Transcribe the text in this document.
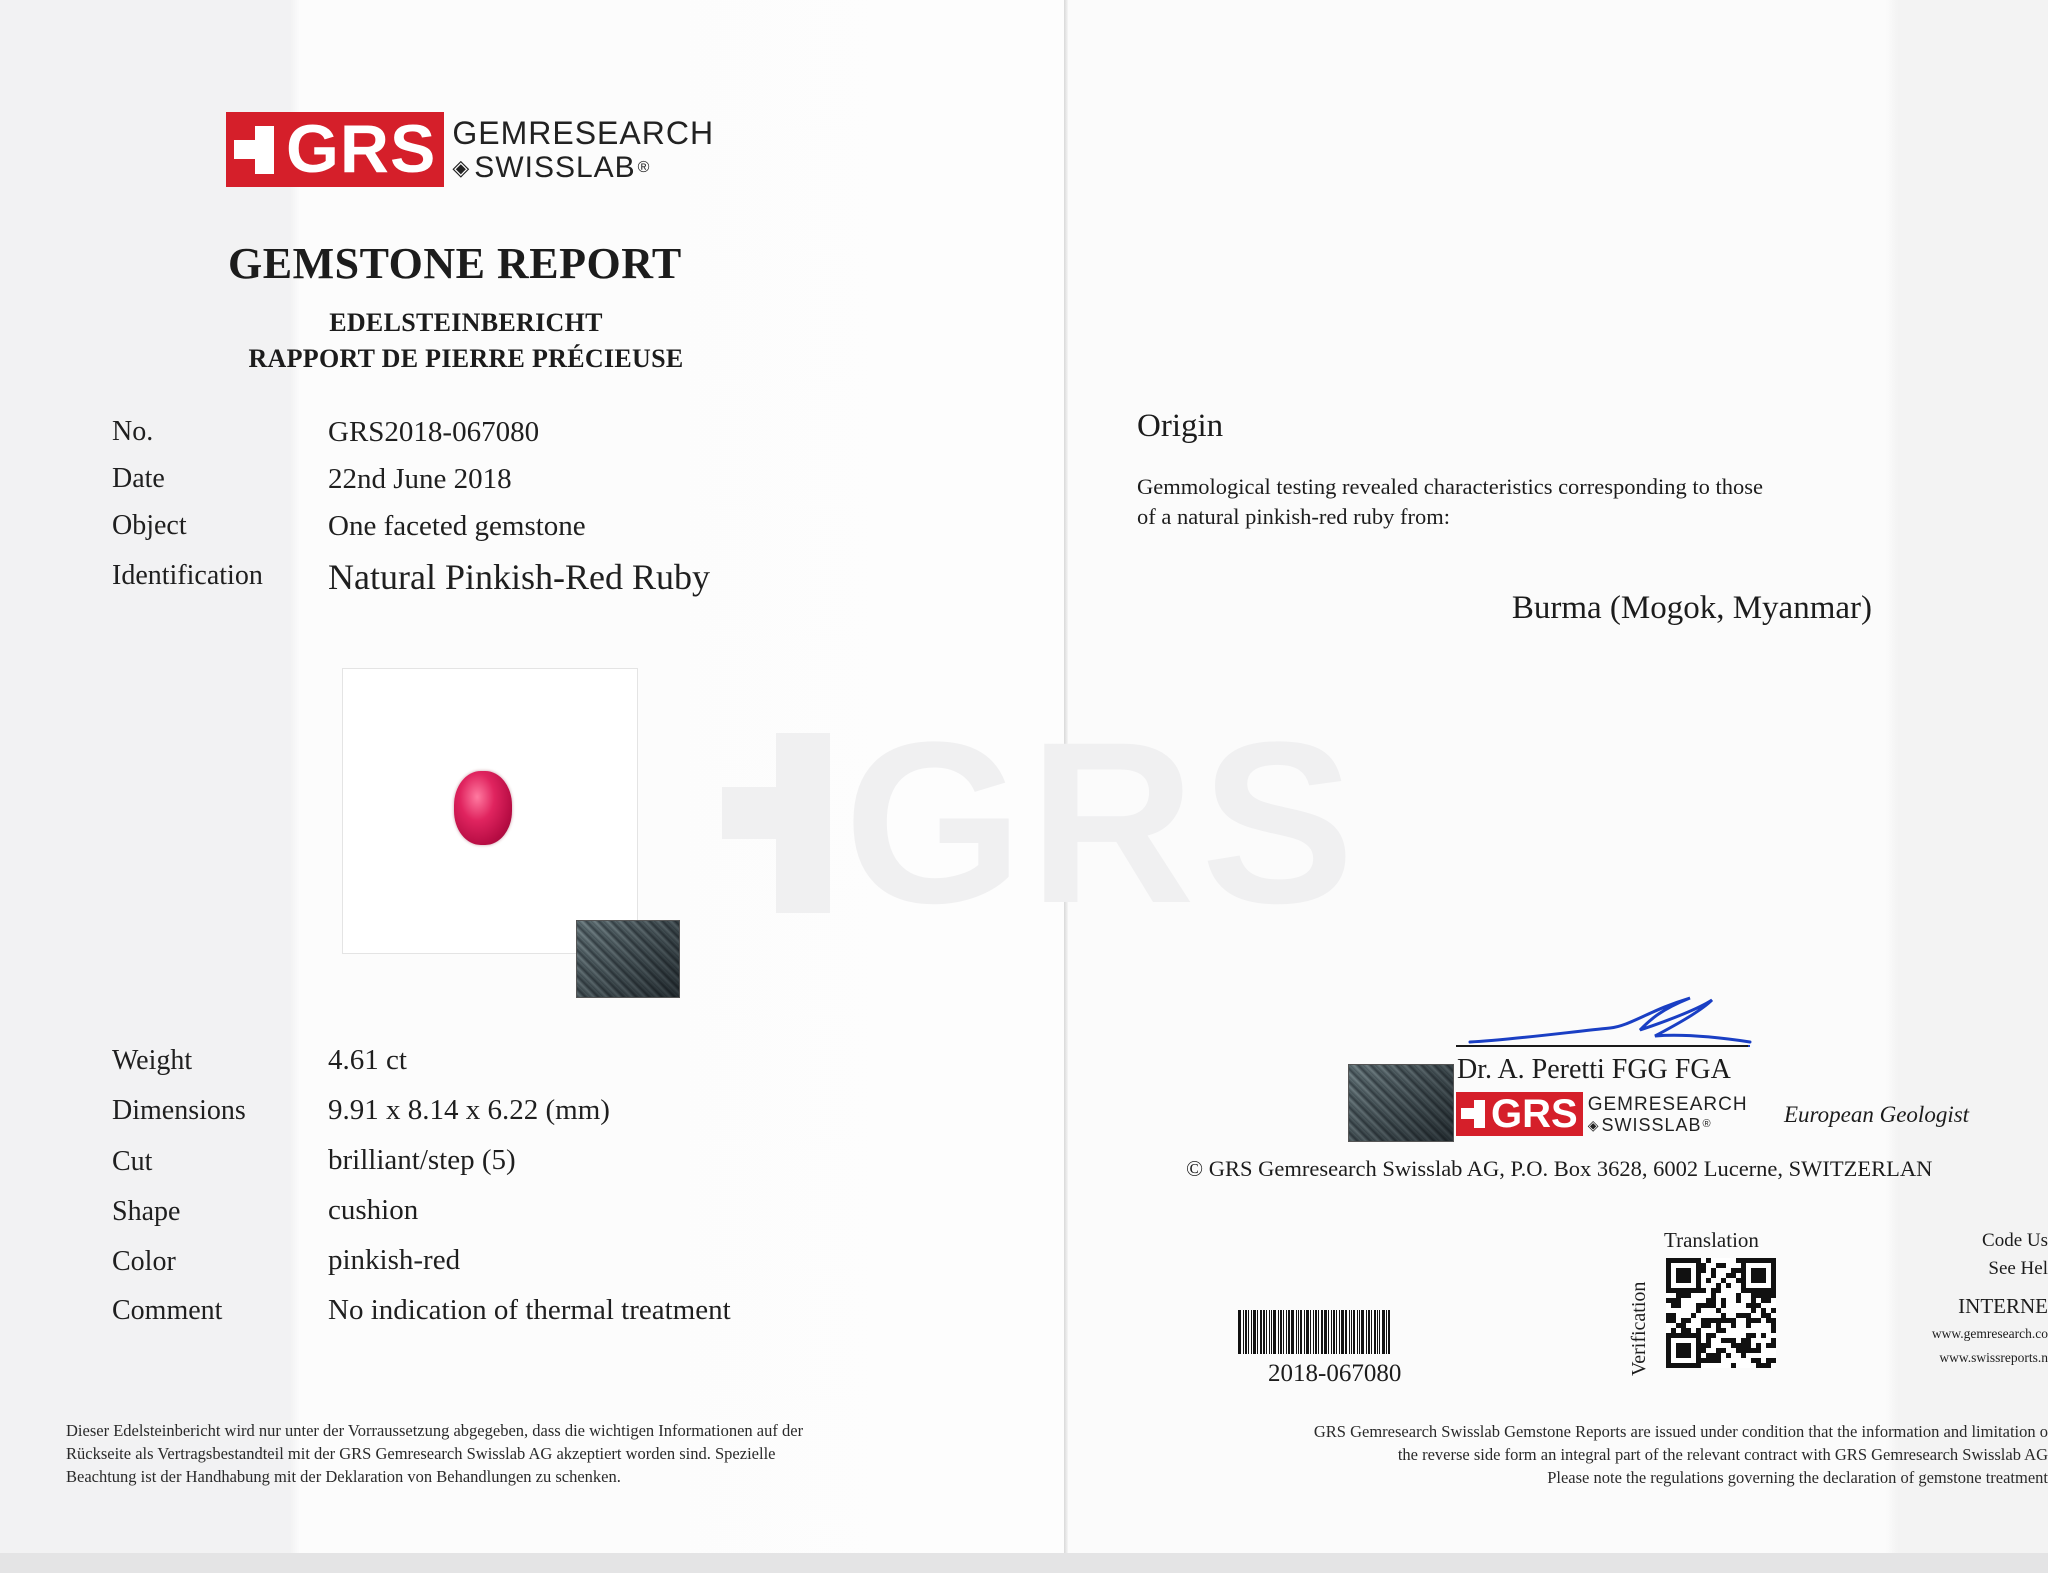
GRS
GRS GEMRESEARCH
◈ SWISSLAB ®
GEMSTONE REPORT
EDELSTEINBERICHT
RAPPORT DE PIERRE PRÉCIEUSE
No.	GRS2018-067080
Date	22nd June 2018
Object	One faceted gemstone
Identification Natural Pinkish-Red Ruby
Weight	4.61 ct
Dimensions	9.91 x 8.14 x 6.22 (mm)
Cut	brilliant/step (5)
Shape	cushion
Color	pinkish-red
Comment	No indication of thermal treatment
Dieser Edelsteinbericht wird nur unter der Vorraussetzung abgegeben, dass die wichtigen Informationen auf der
Rückseite als Vertragsbestandteil mit der GRS Gemresearch Swisslab AG akzeptiert worden sind. Spezielle
Beachtung ist der Handhabung mit der Deklaration von Behandlungen zu schenken.
Origin
Gemmological testing revealed characteristics corresponding to those
of a natural pinkish-red ruby from:
Burma (Mogok, Myanmar)
Dr. A. Peretti FGG FGA
GRS GEMRESEARCH
◈ SWISSLAB ®	European Geologist
© GRS Gemresearch Swisslab AG, P.O. Box 3628, 6002 Lucerne, SWITZERLAN
2018-067080
Translation
Verification
Code Us
See Hel
INTERNE
www.gemresearch.co
www.swissreports.n
GRS Gemresearch Swisslab Gemstone Reports are issued under condition that the information and limitation o
the reverse side form an integral part of the relevant contract with GRS Gemresearch Swisslab AG
Please note the regulations governing the declaration of gemstone treatment
